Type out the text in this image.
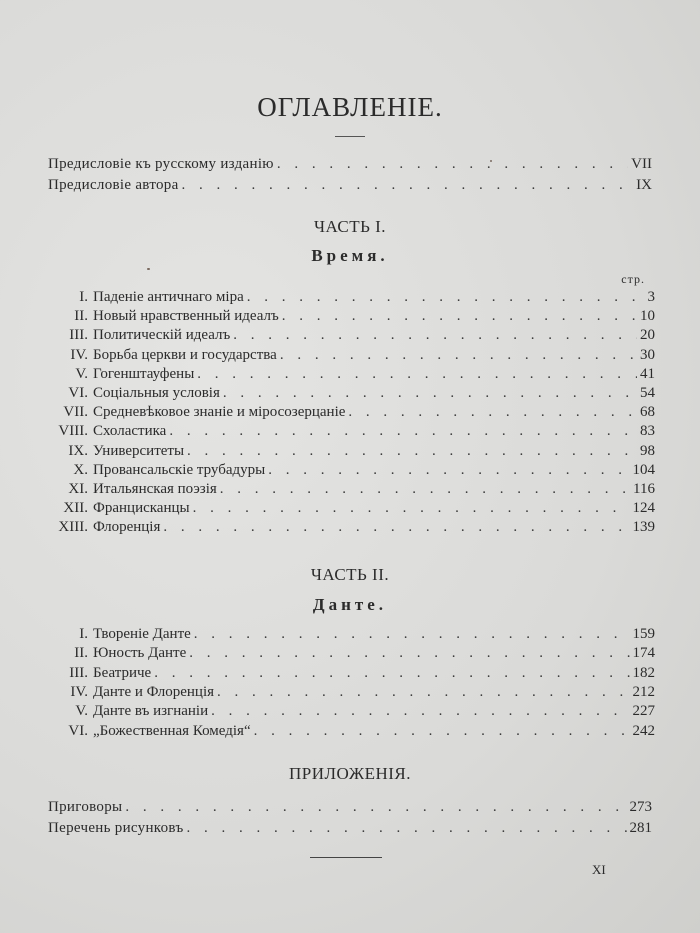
ОГЛАВЛЕНIЕ.
Предисловiе къ русскому изданiю . . .	VII
Предисловiе автора . . .	IX
ЧАСТЬ I.
Время.
стр.
I. Паденiе античнаго мiра . . .	3
II. Новый нравственный идеалъ . . .	10
III. Политическiй идеалъ . . .	20
IV. Борьба церкви и государства . . .	30
V. Гогенштауфены . . .	41
VI. Соцiальныя условiя . . .	54
VII. Средневѣковое знанiе и мiросозерцанiе . . .	68
VIII. Схоластика . . .	83
IX. Университеты . . .	98
X. Провансальскiе трубадуры . . .	104
XI. Итальянская поэзiя . . .	116
XII. Францисканцы . . .	124
XIII. Флоренцiя . . .	139
ЧАСТЬ II.
Данте.
I. Творенiе Данте . . .	159
II. Юность Данте . . .	174
III. Беатриче . . .	182
IV. Данте и Флоренцiя . . .	212
V. Данте въ изгнанiи . . .	227
VI. „Божественная Комедiя“ . . .	242
ПРИЛОЖЕНIЯ.
Приговоры . . .	273
Перечень рисунковъ . . .	281
XI
